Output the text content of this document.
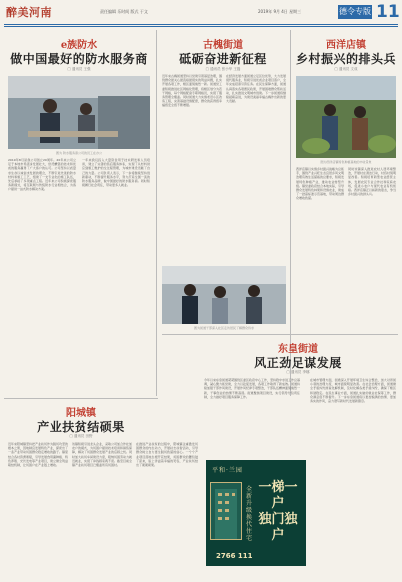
醉美河南	责任编辑 乐时间 版式 于文	2019年 9月 4日 星期三	德令专版 11
e族防水
做中国最好的防水服务商
□ 通讯员 王强
图为 防水服务商公司的员工在办公
2019年8月是我公司创立20周年。20年来公司立足于本地市场逐步发展壮大，依托精湛的技术和优质的服务赢得了广大客户的认可。公司坚持以质量求生存以诚信求发展的理念，不断引进先进的防水材料和施工工艺，组建了一支专业化的施工队伍，先后承接了多项重点工程。近年来公司积极探索服务新模式，将互联网与传统防水行业相结合，为客户提供一站式防水解决方案。
一年来我们投入大量资金用于技术研发和人员培训，建立了完善的售后服务体系，实现了从材料供应到施工维护的全过程管理，为城市建设贡献了自己的力量。公司负责人表示，下一步将继续坚持创新驱动，不断提升服务水平，努力打造全国一流的防水服务品牌，做中国最好的防水服务商。同时积极履行社会责任，带动更多人就业。
古槐街道
砥砺奋进新征程
□ 通讯员 张小华 王磊
近年来古槐街道坚持以党建引领基层治理，围绕群众最关心最直接最现实的利益问题，扎实开展各项工作，辖区面貌焕然一新。街道党工委积极推进社区网格化管理，将辖区划分为若干网格，每个网格配备专职网格员，实现了服务管理全覆盖。同时街道大力实施老旧小区改造工程，完善基础设施配套，群众的获得感幸福感安全感不断增强。
在经济发展方面街道立足区位优势，大力发展现代服务业，积极引进优质企业项目落户，全年完成招商引资任务。在民生保障方面，街道认真落实各项惠民政策，开展困难群众帮扶活动，扎实推进文明城市创建。下一步街道将继续砥砺奋进，为建设美丽幸福古槐作出新的更大贡献。
图为街道干部深入社区走访居民了解群众诉求
西洋店镇
乡村振兴的排头兵
□ 通讯员 文成
图为西洋店镇特色种植基地的丰收景象
西洋店镇以实施乡村振兴战略为总抓手，围绕产业兴旺生态宜居乡风文明治理有效生活富裕的总要求，积极发展特色种植产业，推动农业转型升级。镇党委政府结合本地实际，引导群众发展特色林果和设施农业，建成了一批高标准示范基地，带动周边群众增收致富。
同时该镇深入推进农村人居环境整治，开展村庄清洁行动，村容村貌明显改善。积极培育新型农业经营主体，发展农民专业合作社和家庭农场，促进小农户与现代农业有机衔接。西洋店镇正以崭新的姿态，争当乡村振兴的排头兵。
东皇街道
风正劲足谋发展
□ 通讯员 李娜
今年以来东皇街道紧紧围绕区委区政府中心工作，坚持稳中求进工作总基调，凝心聚力抓党建，全力以赴促发展，各项工作取得了新成效。街道持续加强干部作风建设，开展作风纪律专项整治，干部队伍精神面貌焕然一新，干事创业的热情不断高涨。街道聚焦项目建设，实行领导分包责任制，全力做好项目服务保障工作。
在城市管理方面，街道深入开展环境卫生综合整治，加大对背街小巷的治理力度，城市面貌明显改善。在社会治理方面，街道健全矛盾纠纷排查化解机制，及时化解各类矛盾纠纷，确保了辖区和谐稳定。在民生事业方面，街道扎实做好就业社保等工作，群众满意度不断提升。下一步东皇街道将以更加饱满的热情、更加务实的作风，奋力谱写新时代发展新篇章。
阳城镇
产业扶贫结硕果
□ 通讯员 田野
近年来阳城镇坚持把产业扶贫作为脱贫攻坚的根本之策，因地制宜发展特色产业，探索出了一条产业带动贫困群众稳定增收的路子。镇里结合各村资源禀赋，引导发展食用菌种植、特色养殖、光伏发电等产业项目，建立健全利益联结机制，让贫困户在产业链上增收。
该镇积极引进龙头企业，采取公司加合作社加农户的模式，为贫困户提供技术培训和销售保障，解决了贫困群众发展产业的后顾之忧。同时加大扶贫车间建设力度，吸纳贫困劳动力就近就业，实现了挣钱顾家两不误。截至目前全镇产业扶贫项目已覆盖所有贫困村。
在推进产业扶贫的过程中，阳城镇注重激发贫困群众的内生动力，开展扶志扶智活动，引导群众树立自力更生脱贫致富的信心。一个个产业项目落地生根开花结果，贫困群众的腰包鼓了起来，脸上洋溢着幸福的笑容，产业扶贫结出了累累硕果。
平和·兰园
全新升级换代住宅
一梯一户
独门独户
2766 111
